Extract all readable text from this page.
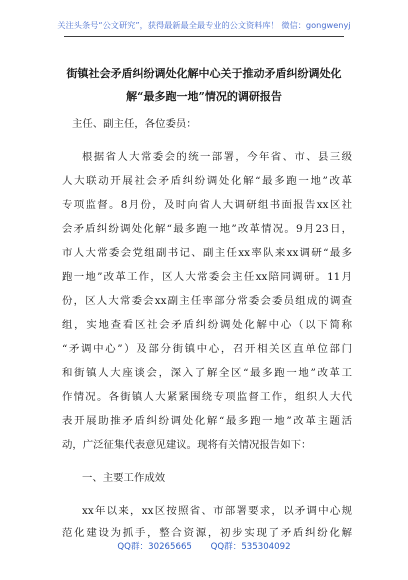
关注头条号“公文研究”，获得最新最全最专业的公文资料库！ 微信：gongwenyj
街镇社会矛盾纠纷调处化解中心关于推动矛盾纠纷调处化
解“最多跑一地”情况的调研报告
主任、副主任，各位委员：
根据省人大常委会的统一部署，今年省、市、县三级
人大联动开展社会矛盾纠纷调处化解“最多跑一地”改革
专项监督。8月份，及时向省人大调研组书面报告xx区社
会矛盾纠纷调处化解“最多跑一地”改革情况。9月23日，
市人大常委会党组副书记、副主任xx率队来xx调研“最多
跑一地”改革工作，区人大常委会主任xx陪同调研。11月
份，区人大常委会xx副主任率部分常委会委员组成的调查
组，实地查看区社会矛盾纠纷调处化解中心（以下简称
“矛调中心”）及部分街镇中心，召开相关区直单位部门
和街镇人大座谈会，深入了解全区“最多跑一地”改革工
作情况。各街镇人大紧紧围绕专项监督工作，组织人大代
表开展助推矛盾纠纷调处化解“最多跑一地”改革主题活
动，广泛征集代表意见建议。现将有关情况报告如下：
一、主要工作成效
xx年以来，xx区按照省、市部署要求，以矛调中心规
范化建设为抓手，整合资源，初步实现了矛盾纠纷化解
QQ群：30265665 QQ群：535304092
